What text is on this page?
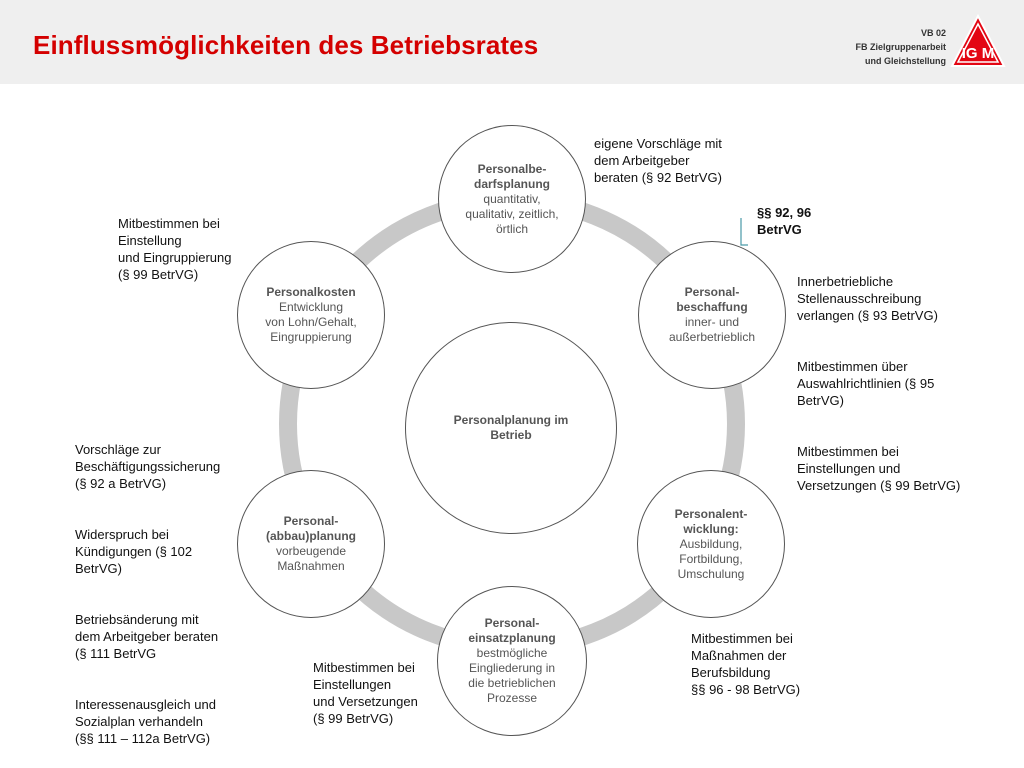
Einflussmöglichkeiten des Betriebsrates	VB 02
FB Zielgruppenarbeit
und Gleichstellung IG M
Personalplanung im Betrieb
Personalbe-
darfsplanung
quantitativ,
qualitativ, zeitlich,
örtlich
Personal-
beschaffung
inner- und
außerbetrieblich
Personalent-
wicklung:
Ausbildung,
Fortbildung,
Umschulung
Personal-
einsatzplanung
bestmögliche
Eingliederung in
die betrieblichen
Prozesse
Personal-
(abbau)planung
vorbeugende
Maßnahmen
Personalkosten
Entwicklung
von Lohn/Gehalt,
Eingruppierung
eigene Vorschläge mit
dem Arbeitgeber
beraten (§ 92 BetrVG)
§§ 92, 96
BetrVG

Innerbetriebliche
Stellenausschreibung
verlangen (§ 93 BetrVG)

Mitbestimmen über
Auswahlrichtlinien (§ 95
BetrVG)

Mitbestimmen bei
Einstellungen und
Versetzungen (§ 99 BetrVG)

Mitbestimmen bei
Maßnahmen der
Berufsbildung
§§ 96 - 98 BetrVG)
Mitbestimmen bei
Einstellungen
und Versetzungen
(§ 99 BetrVG)

Vorschläge zur
Beschäftigungssicherung
(§ 92 a BetrVG)

Widerspruch bei
Kündigungen (§ 102
BetrVG)

Betriebsänderung mit
dem Arbeitgeber beraten
(§ 111 BetrVG

Interessenausgleich und
Sozialplan verhandeln
(§§ 111 – 112a BetrVG)

Mitbestimmen bei
Einstellung
und Eingruppierung
(§ 99 BetrVG)
